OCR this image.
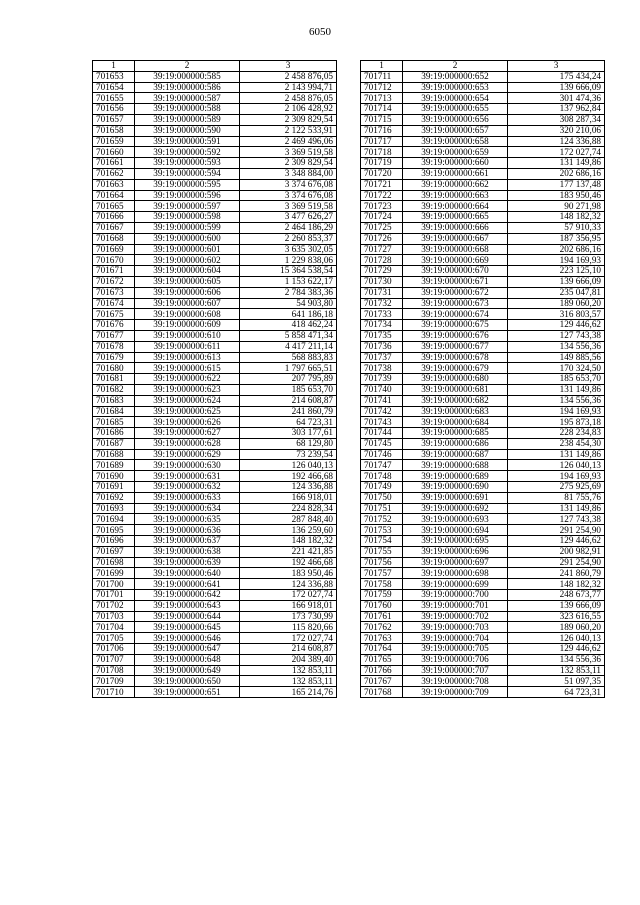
6050
1	2	3
701653	39:19:000000:585	2 458 876,05
701654	39:19:000000:586	2 143 994,71
701655	39:19:000000:587	2 458 876,05
701656	39:19:000000:588	2 106 428,92
701657	39:19:000000:589	2 309 829,54
701658	39:19:000000:590	2 122 533,91
701659	39:19:000000:591	2 469 496,06
701660	39:19:000000:592	3 369 519,58
701661	39:19:000000:593	2 309 829,54
701662	39:19:000000:594	3 348 884,00
701663	39:19:000000:595	3 374 676,08
701664	39:19:000000:596	3 374 676,08
701665	39:19:000000:597	3 369 519,58
701666	39:19:000000:598	3 477 626,27
701667	39:19:000000:599	2 464 186,29
701668	39:19:000000:600	2 260 853,37
701669	39:19:000000:601	3 635 302,05
701670	39:19:000000:602	1 229 838,06
701671	39:19:000000:604	15 364 538,54
701672	39:19:000000:605	1 153 622,17
701673	39:19:000000:606	2 784 383,36
701674	39:19:000000:607	54 903,80
701675	39:19:000000:608	641 186,18
701676	39:19:000000:609	418 462,24
701677	39:19:000000:610	5 858 471,34
701678	39:19:000000:611	4 417 211,14
701679	39:19:000000:613	568 883,83
701680	39:19:000000:615	1 797 665,51
701681	39:19:000000:622	207 795,89
701682	39:19:000000:623	185 653,70
701683	39:19:000000:624	214 608,87
701684	39:19:000000:625	241 860,79
701685	39:19:000000:626	64 723,31
701686	39:19:000000:627	303 177,61
701687	39:19:000000:628	68 129,80
701688	39:19:000000:629	73 239,54
701689	39:19:000000:630	126 040,13
701690	39:19:000000:631	192 466,68
701691	39:19:000000:632	124 336,88
701692	39:19:000000:633	166 918,01
701693	39:19:000000:634	224 828,34
701694	39:19:000000:635	287 848,40
701695	39:19:000000:636	136 259,60
701696	39:19:000000:637	148 182,32
701697	39:19:000000:638	221 421,85
701698	39:19:000000:639	192 466,68
701699	39:19:000000:640	183 950,46
701700	39:19:000000:641	124 336,88
701701	39:19:000000:642	172 027,74
701702	39:19:000000:643	166 918,01
701703	39:19:000000:644	173 730,99
701704	39:19:000000:645	115 820,66
701705	39:19:000000:646	172 027,74
701706	39:19:000000:647	214 608,87
701707	39:19:000000:648	204 389,40
701708	39:19:000000:649	132 853,11
701709	39:19:000000:650	132 853,11
701710	39:19:000000:651	165 214,76
1	2	3
701711	39:19:000000:652	175 434,24
701712	39:19:000000:653	139 666,09
701713	39:19:000000:654	301 474,36
701714	39:19:000000:655	137 962,84
701715	39:19:000000:656	308 287,34
701716	39:19:000000:657	320 210,06
701717	39:19:000000:658	124 336,88
701718	39:19:000000:659	172 027,74
701719	39:19:000000:660	131 149,86
701720	39:19:000000:661	202 686,16
701721	39:19:000000:662	177 137,48
701722	39:19:000000:663	183 950,46
701723	39:19:000000:664	90 271,98
701724	39:19:000000:665	148 182,32
701725	39:19:000000:666	57 910,33
701726	39:19:000000:667	187 356,95
701727	39:19:000000:668	202 686,16
701728	39:19:000000:669	194 169,93
701729	39:19:000000:670	223 125,10
701730	39:19:000000:671	139 666,09
701731	39:19:000000:672	235 047,81
701732	39:19:000000:673	189 060,20
701733	39:19:000000:674	316 803,57
701734	39:19:000000:675	129 446,62
701735	39:19:000000:676	127 743,38
701736	39:19:000000:677	134 556,36
701737	39:19:000000:678	149 885,56
701738	39:19:000000:679	170 324,50
701739	39:19:000000:680	185 653,70
701740	39:19:000000:681	131 149,86
701741	39:19:000000:682	134 556,36
701742	39:19:000000:683	194 169,93
701743	39:19:000000:684	195 873,18
701744	39:19:000000:685	228 234,83
701745	39:19:000000:686	238 454,30
701746	39:19:000000:687	131 149,86
701747	39:19:000000:688	126 040,13
701748	39:19:000000:689	194 169,93
701749	39:19:000000:690	275 925,69
701750	39:19:000000:691	81 755,76
701751	39:19:000000:692	131 149,86
701752	39:19:000000:693	127 743,38
701753	39:19:000000:694	291 254,90
701754	39:19:000000:695	129 446,62
701755	39:19:000000:696	200 982,91
701756	39:19:000000:697	291 254,90
701757	39:19:000000:698	241 860,79
701758	39:19:000000:699	148 182,32
701759	39:19:000000:700	248 673,77
701760	39:19:000000:701	139 666,09
701761	39:19:000000:702	323 616,55
701762	39:19:000000:703	189 060,20
701763	39:19:000000:704	126 040,13
701764	39:19:000000:705	129 446,62
701765	39:19:000000:706	134 556,36
701766	39:19:000000:707	132 853,11
701767	39:19:000000:708	51 097,35
701768	39:19:000000:709	64 723,31
